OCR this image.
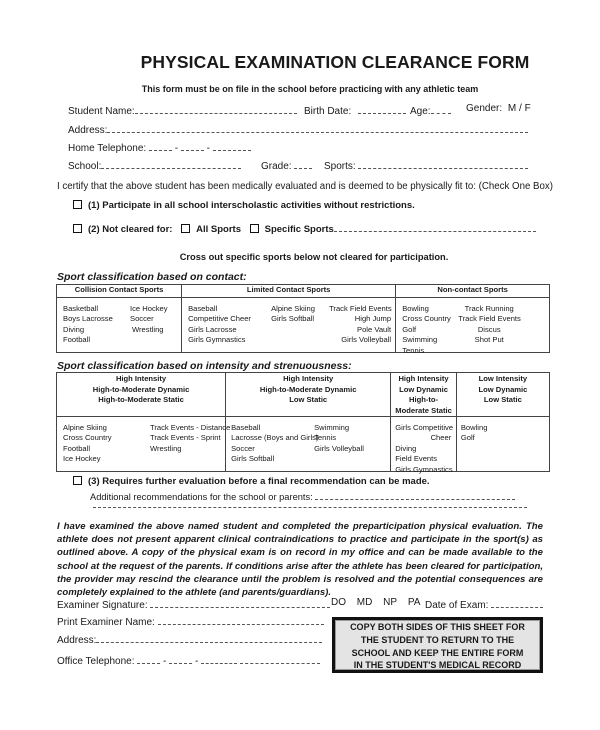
PHYSICAL EXAMINATION CLEARANCE FORM
This form must be on file in the school before practicing with any athletic team
Student Name:	Birth Date:	Age:	Gender: M / F
Address:
Home Telephone:	-	-
School:	Grade:	Sports:
I certify that the above student has been medically evaluated and is deemed to be physically fit to: (Check One Box)
(1) Participate in all school interscholastic activities without restrictions.
(2) Not cleared for: All Sports Specific Sports
Cross out specific sports below not cleared for participation.
Sport classification based on contact:
Collision Contact Sports	Limited Contact Sports	Non-contact Sports

Basketball
Boys Lacrosse
Diving
Football
Ice Hockey
Soccer
Wrestling

Baseball
Competitive Cheer
Girls Lacrosse
Girls Gymnastics
Alpine Skiing
Girls Softball
Track Field Events
High Jump
Pole Vault
Girls Volleyball

Bowling
Cross Country
Golf
Swimming
Tennis
Track Running
Track Field Events
Discus
Shot Put
Sport classification based on intensity and strenuousness:
High Intensity
High-to-Moderate Dynamic
High-to-Moderate Static

High Intensity
High-to-Moderate Dynamic
Low Static

High Intensity
Low Dynamic
High-to-
Moderate Static

Low Intensity
Low Dynamic
Low Static

Alpine Skiing
Cross Country
Football
Ice Hockey
Track Events - Distance
Track Events - Sprint
Wrestling

Baseball
Lacrosse (Boys and Girls)
Soccer
Girls Softball
Swimming
Tennis
Girls Volleyball

Girls Competitive
Cheer
Diving
Field Events
Girls Gymnastics

Bowling
Golf
(3) Requires further evaluation before a final recommendation can be made.
Additional recommendations for the school or parents:
I have examined the above named student and completed the preparticipation physical evaluation. The athlete does not present apparent clinical contraindications to practice and participate in the sport(s) as outlined above. A copy of the physical exam is on record in my office and can be made available to the school at the request of the parents. If conditions arise after the athlete has been cleared for participation, the provider may rescind the clearance until the problem is resolved and the potential consequences are completely explained to the athlete (and parents/guardians).
Examiner Signature:	DO MD NP PA Date of Exam:
Print Examiner Name:
Address:
Office Telephone:	-	-
COPY BOTH SIDES OF THIS SHEET FOR
THE STUDENT TO RETURN TO THE
SCHOOL AND KEEP THE ENTIRE FORM
IN THE STUDENT'S MEDICAL RECORD
